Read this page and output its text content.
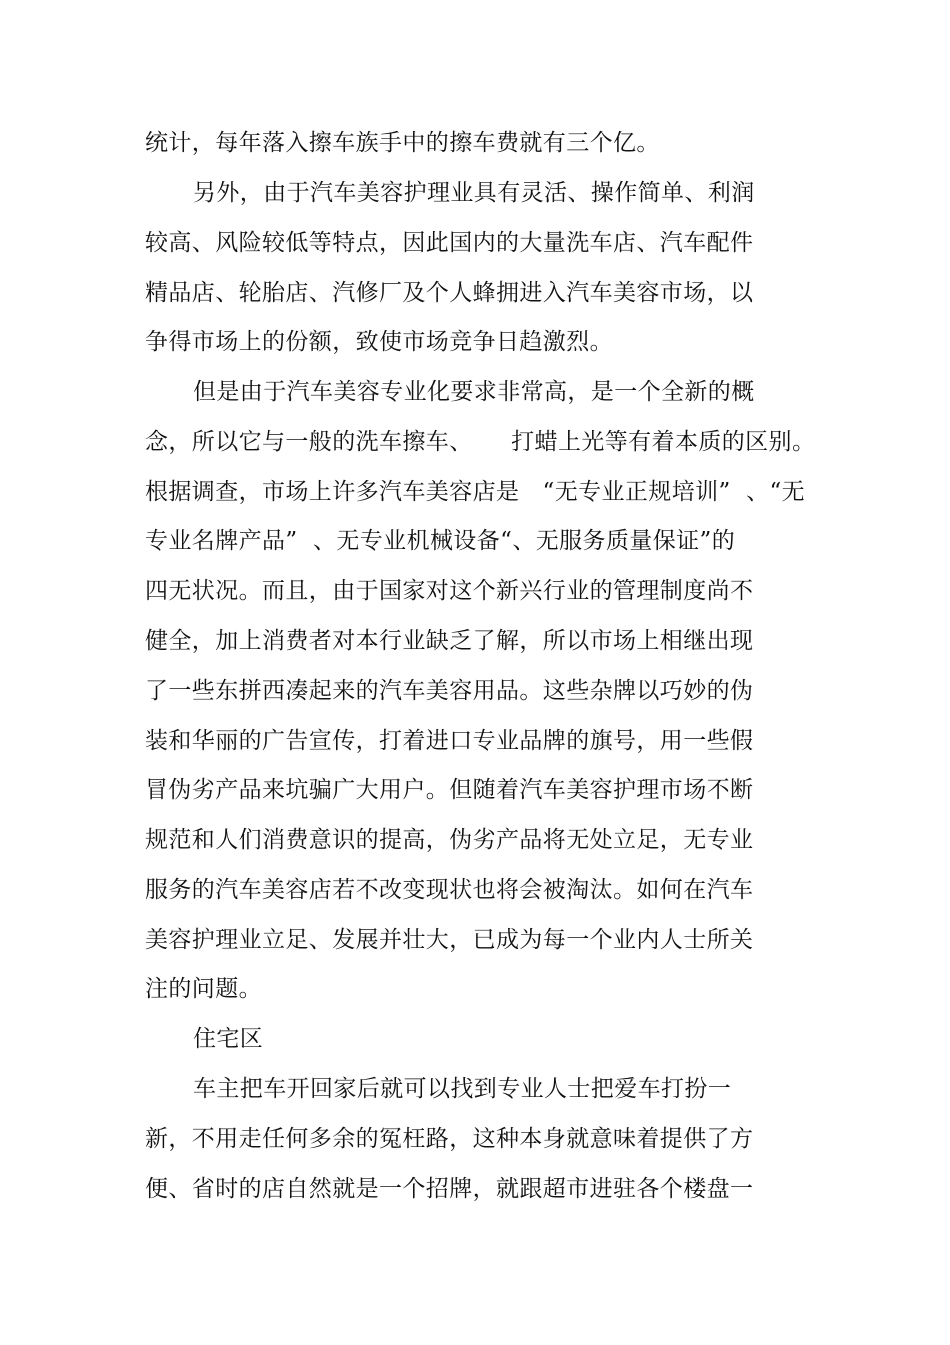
统计，每年落入擦车族手中的擦车费就有三个亿。
另外，由于汽车美容护理业具有灵活、操作简单、利润
较高、风险较低等特点，因此国内的大量洗车店、汽车配件
精品店、轮胎店、汽修厂及个人蜂拥进入汽车美容市场，以
争得市场上的份额，致使市场竞争日趋激烈。
但是由于汽车美容专业化要求非常高，是一个全新的概
念，所以它与一般的洗车擦车、     打蜡上光等有着本质的区别。
根据调查，市场上许多汽车美容店是   “无专业正规培训”  、“无
专业名牌产品”  、无专业机械设备“、无服务质量保证”的
四无状况。而且，由于国家对这个新兴行业的管理制度尚不
健全，加上消费者对本行业缺乏了解，所以市场上相继出现
了一些东拼西凑起来的汽车美容用品。这些杂牌以巧妙的伪
装和华丽的广告宣传，打着进口专业品牌的旗号，用一些假
冒伪劣产品来坑骗广大用户。但随着汽车美容护理市场不断
规范和人们消费意识的提高，伪劣产品将无处立足，无专业
服务的汽车美容店若不改变现状也将会被淘汰。如何在汽车
美容护理业立足、发展并壮大，已成为每一个业内人士所关
注的问题。
住宅区
车主把车开回家后就可以找到专业人士把爱车打扮一
新，不用走任何多余的冤枉路，这种本身就意味着提供了方
便、省时的店自然就是一个招牌，就跟超市进驻各个楼盘一
